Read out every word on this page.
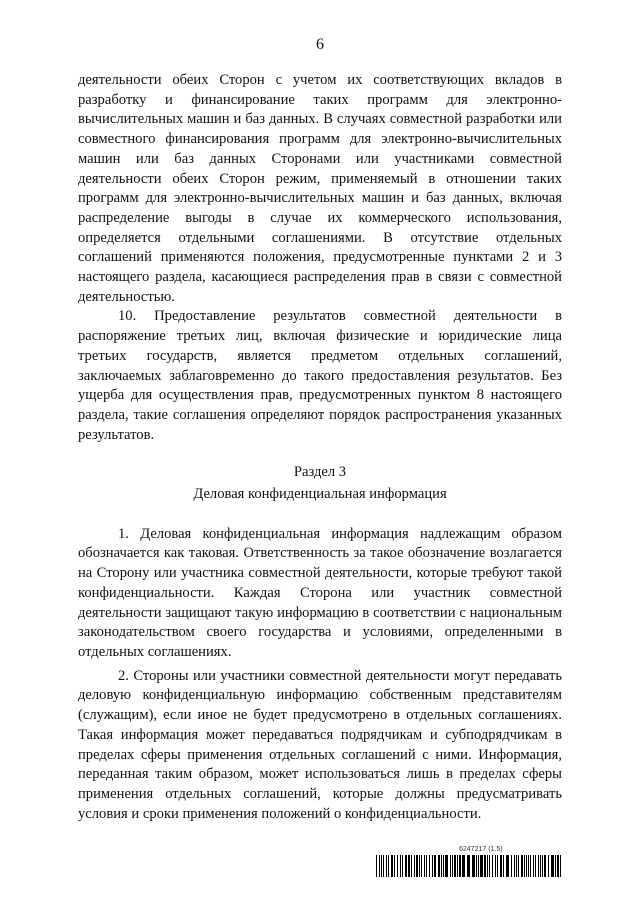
6

деятельности обеих Сторон с учетом их соответствующих вкладов в разработку и финансирование таких программ для электронно-вычислительных машин и баз данных. В случаях совместной разработки или совместного финансирования программ для электронно-вычислительных машин или баз данных Сторонами или участниками совместной деятельности обеих Сторон режим, применяемый в отношении таких программ для электронно-вычислительных машин и баз данных, включая распределение выгоды в случае их коммерческого использования, определяется отдельными соглашениями. В отсутствие отдельных соглашений применяются положения, предусмотренные пунктами 2 и 3 настоящего раздела, касающиеся распределения прав в связи с совместной деятельностью.

10. Предоставление результатов совместной деятельности в распоряжение третьих лиц, включая физические и юридические лица третьих государств, является предметом отдельных соглашений, заключаемых заблаговременно до такого предоставления результатов. Без ущерба для осуществления прав, предусмотренных пунктом 8 настоящего раздела, такие соглашения определяют порядок распространения указанных результатов.

Раздел 3
Деловая конфиденциальная информация

1. Деловая конфиденциальная информация надлежащим образом обозначается как таковая. Ответственность за такое обозначение возлагается на Сторону или участника совместной деятельности, которые требуют такой конфиденциальности. Каждая Сторона или участник совместной деятельности защищают такую информацию в соответствии с национальным законодательством своего государства и условиями, определенными в отдельных соглашениях.

2. Стороны или участники совместной деятельности могут передавать деловую конфиденциальную информацию собственным представителям (служащим), если иное не будет предусмотрено в отдельных соглашениях. Такая информация может передаваться подрядчикам и субподрядчикам в пределах сферы применения отдельных соглашений с ними. Информация, переданная таким образом, может использоваться лишь в пределах сферы применения отдельных соглашений, которые должны предусматривать условия и сроки применения положений о конфиденциальности.

6247217 (1.5)
